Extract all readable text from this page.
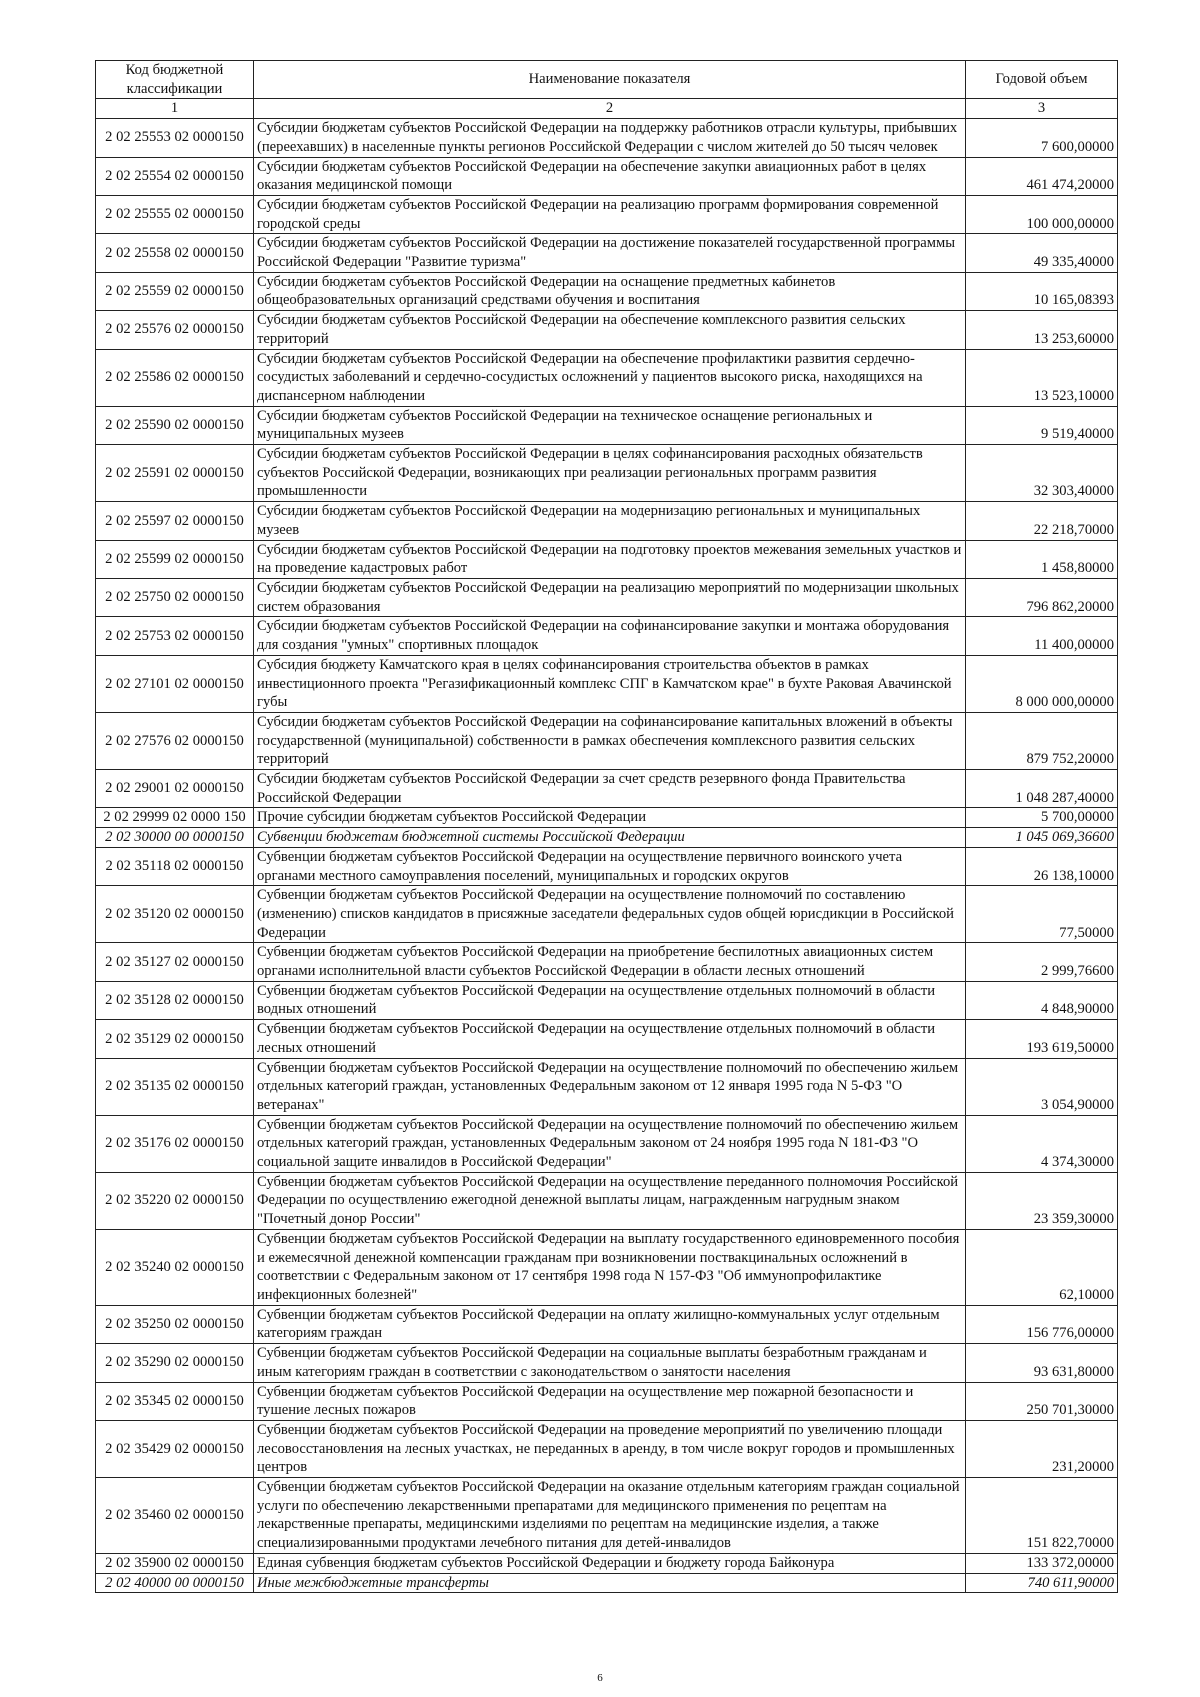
Код бюджетной классификации	Наименование показателя	Годовой объем
1	2	3
2 02 25553 02 0000150	Субсидии бюджетам субъектов Российской Федерации на поддержку работников отрасли культуры, прибывших (переехавших) в населенные пункты регионов Российской Федерации с числом жителей до 50 тысяч человек	7 600,00000
2 02 25554 02 0000150	Субсидии бюджетам субъектов Российской Федерации на обеспечение закупки авиационных работ в целях оказания медицинской помощи	461 474,20000
2 02 25555 02 0000150	Субсидии бюджетам субъектов Российской Федерации на реализацию программ формирования современной городской среды	100 000,00000
2 02 25558 02 0000150	Субсидии бюджетам субъектов Российской Федерации на достижение показателей государственной программы Российской Федерации "Развитие туризма"	49 335,40000
2 02 25559 02 0000150	Субсидии бюджетам субъектов Российской Федерации на оснащение предметных кабинетов общеобразовательных организаций средствами обучения и воспитания	10 165,08393
2 02 25576 02 0000150	Субсидии бюджетам субъектов Российской Федерации на обеспечение комплексного развития сельских территорий	13 253,60000
2 02 25586 02 0000150	Субсидии бюджетам субъектов Российской Федерации на обеспечение профилактики развития сердечно-сосудистых заболеваний и сердечно-сосудистых осложнений у пациентов высокого риска, находящихся на диспансерном наблюдении	13 523,10000
2 02 25590 02 0000150	Субсидии бюджетам субъектов Российской Федерации на техническое оснащение региональных и муниципальных музеев	9 519,40000
2 02 25591 02 0000150	Субсидии бюджетам субъектов Российской Федерации в целях софинансирования расходных обязательств субъектов Российской Федерации, возникающих при реализации региональных программ развития промышленности	32 303,40000
2 02 25597 02 0000150	Субсидии бюджетам субъектов Российской Федерации на модернизацию региональных и муниципальных музеев	22 218,70000
2 02 25599 02 0000150	Субсидии бюджетам субъектов Российской Федерации на подготовку проектов межевания земельных участков и на проведение кадастровых работ	1 458,80000
2 02 25750 02 0000150	Субсидии бюджетам субъектов Российской Федерации на реализацию мероприятий по модернизации школьных систем образования	796 862,20000
2 02 25753 02 0000150	Субсидии бюджетам субъектов Российской Федерации на софинансирование закупки и монтажа оборудования для создания "умных" спортивных площадок	11 400,00000
2 02 27101 02 0000150	Субсидия бюджету Камчатского края в целях софинансирования строительства объектов в рамках инвестиционного проекта "Регазификационный комплекс СПГ в Камчатском крае" в бухте Раковая Авачинской губы	8 000 000,00000
2 02 27576 02 0000150	Субсидии бюджетам субъектов Российской Федерации на софинансирование капитальных вложений в объекты государственной (муниципальной) собственности в рамках обеспечения комплексного развития сельских территорий	879 752,20000
2 02 29001 02 0000150	Субсидии бюджетам субъектов Российской Федерации за счет средств резервного фонда Правительства Российской Федерации	1 048 287,40000
2 02 29999 02 0000 150	Прочие субсидии бюджетам субъектов Российской Федерации	5 700,00000
2 02 30000 00 0000150	Субвенции бюджетам бюджетной системы Российской Федерации	1 045 069,36600
2 02 35118 02 0000150	Субвенции бюджетам субъектов Российской Федерации на осуществление первичного воинского учета органами местного самоуправления поселений, муниципальных и городских округов	26 138,10000
2 02 35120 02 0000150	Субвенции бюджетам субъектов Российской Федерации на осуществление полномочий по составлению (изменению) списков кандидатов в присяжные заседатели федеральных судов общей юрисдикции в Российской Федерации	77,50000
2 02 35127 02 0000150	Субвенции бюджетам субъектов Российской Федерации на приобретение беспилотных авиационных систем органами исполнительной власти субъектов Российской Федерации в области лесных отношений	2 999,76600
2 02 35128 02 0000150	Субвенции бюджетам субъектов Российской Федерации на осуществление отдельных полномочий в области водных отношений	4 848,90000
2 02 35129 02 0000150	Субвенции бюджетам субъектов Российской Федерации на осуществление отдельных полномочий в области лесных отношений	193 619,50000
2 02 35135 02 0000150	Субвенции бюджетам субъектов Российской Федерации на осуществление полномочий по обеспечению жильем отдельных категорий граждан, установленных Федеральным законом от 12 января 1995 года N 5-ФЗ "О ветеранах"	3 054,90000
2 02 35176 02 0000150	Субвенции бюджетам субъектов Российской Федерации на осуществление полномочий по обеспечению жильем отдельных категорий граждан, установленных Федеральным законом от 24 ноября 1995 года N 181-ФЗ "О социальной защите инвалидов в Российской Федерации"	4 374,30000
2 02 35220 02 0000150	Субвенции бюджетам субъектов Российской Федерации на осуществление переданного полномочия Российской Федерации по осуществлению ежегодной денежной выплаты лицам, награжденным нагрудным знаком "Почетный донор России"	23 359,30000
2 02 35240 02 0000150	Субвенции бюджетам субъектов Российской Федерации на выплату государственного единовременного пособия и ежемесячной денежной компенсации гражданам при возникновении поствакцинальных осложнений в соответствии с Федеральным законом от 17 сентября 1998 года N 157-ФЗ "Об иммунопрофилактике инфекционных болезней"	62,10000
2 02 35250 02 0000150	Субвенции бюджетам субъектов Российской Федерации на оплату жилищно-коммунальных услуг отдельным категориям граждан	156 776,00000
2 02 35290 02 0000150	Субвенции бюджетам субъектов Российской Федерации на социальные выплаты безработным гражданам и иным категориям граждан в соответствии с законодательством о занятости населения	93 631,80000
2 02 35345 02 0000150	Субвенции бюджетам субъектов Российской Федерации на осуществление мер пожарной безопасности и тушение лесных пожаров	250 701,30000
2 02 35429 02 0000150	Субвенции бюджетам субъектов Российской Федерации на проведение мероприятий по увеличению площади лесовосстановления на лесных участках, не переданных в аренду, в том числе вокруг городов и промышленных центров	231,20000
2 02 35460 02 0000150	Субвенции бюджетам субъектов Российской Федерации на оказание отдельным категориям граждан социальной услуги по обеспечению лекарственными препаратами для медицинского применения по рецептам на лекарственные препараты, медицинскими изделиями по рецептам на медицинские изделия, а также специализированными продуктами лечебного питания для детей-инвалидов	151 822,70000
2 02 35900 02 0000150	Единая субвенция бюджетам субъектов Российской Федерации и бюджету города Байконура	133 372,00000
2 02 40000 00 0000150	Иные межбюджетные трансферты	740 611,90000
6
